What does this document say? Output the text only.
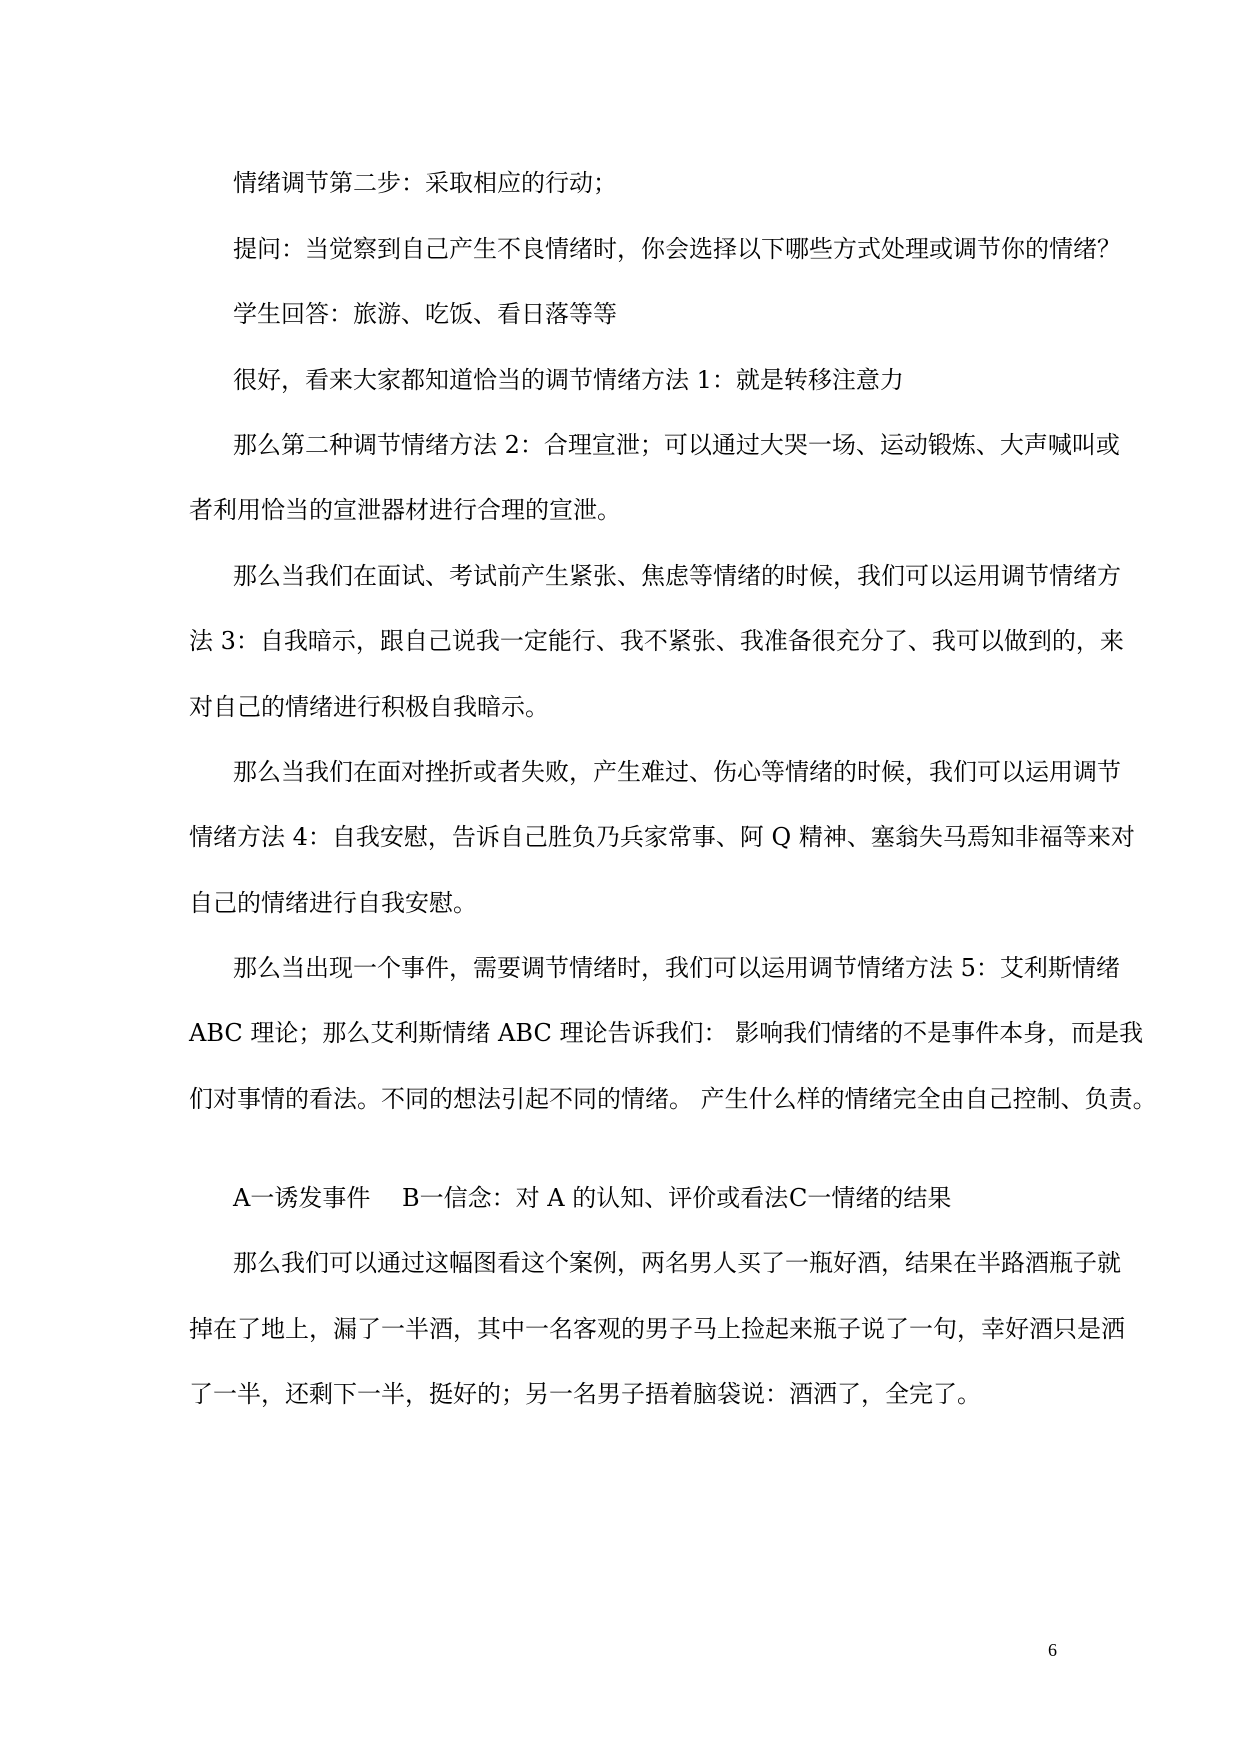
情绪调节第二步：采取相应的行动；

提问：当觉察到自己产生不良情绪时，你会选择以下哪些方式处理或调节你的情绪？

学生回答：旅游、吃饭、看日落等等

很好，看来大家都知道恰当的调节情绪方法 1：就是转移注意力

那么第二种调节情绪方法 2：合理宣泄；可以通过大哭一场、运动锻炼、大声喊叫或

者利用恰当的宣泄器材进行合理的宣泄。

那么当我们在面试、考试前产生紧张、焦虑等情绪的时候，我们可以运用调节情绪方

法 3：自我暗示，跟自己说我一定能行、我不紧张、我准备很充分了、我可以做到的，来

对自己的情绪进行积极自我暗示。

那么当我们在面对挫折或者失败，产生难过、伤心等情绪的时候，我们可以运用调节

情绪方法 4：自我安慰，告诉自己胜负乃兵家常事、阿 Q 精神、塞翁失马焉知非福等来对

自己的情绪进行自我安慰。

那么当出现一个事件，需要调节情绪时，我们可以运用调节情绪方法 5：艾利斯情绪

ABC 理论；那么艾利斯情绪 ABC 理论告诉我们： 影响我们情绪的不是事件本身，而是我

们对事情的看法。不同的想法引起不同的情绪。 产生什么样的情绪完全由自己控制、负责。

A一诱发事件 B一信念：对 A 的认知、评价或看法 C一情绪的结果

那么我们可以通过这幅图看这个案例，两名男人买了一瓶好酒，结果在半路酒瓶子就

掉在了地上，漏了一半酒，其中一名客观的男子马上捡起来瓶子说了一句，幸好酒只是洒

了一半，还剩下一半，挺好的；另一名男子捂着脑袋说：酒洒了，全完了。

6
